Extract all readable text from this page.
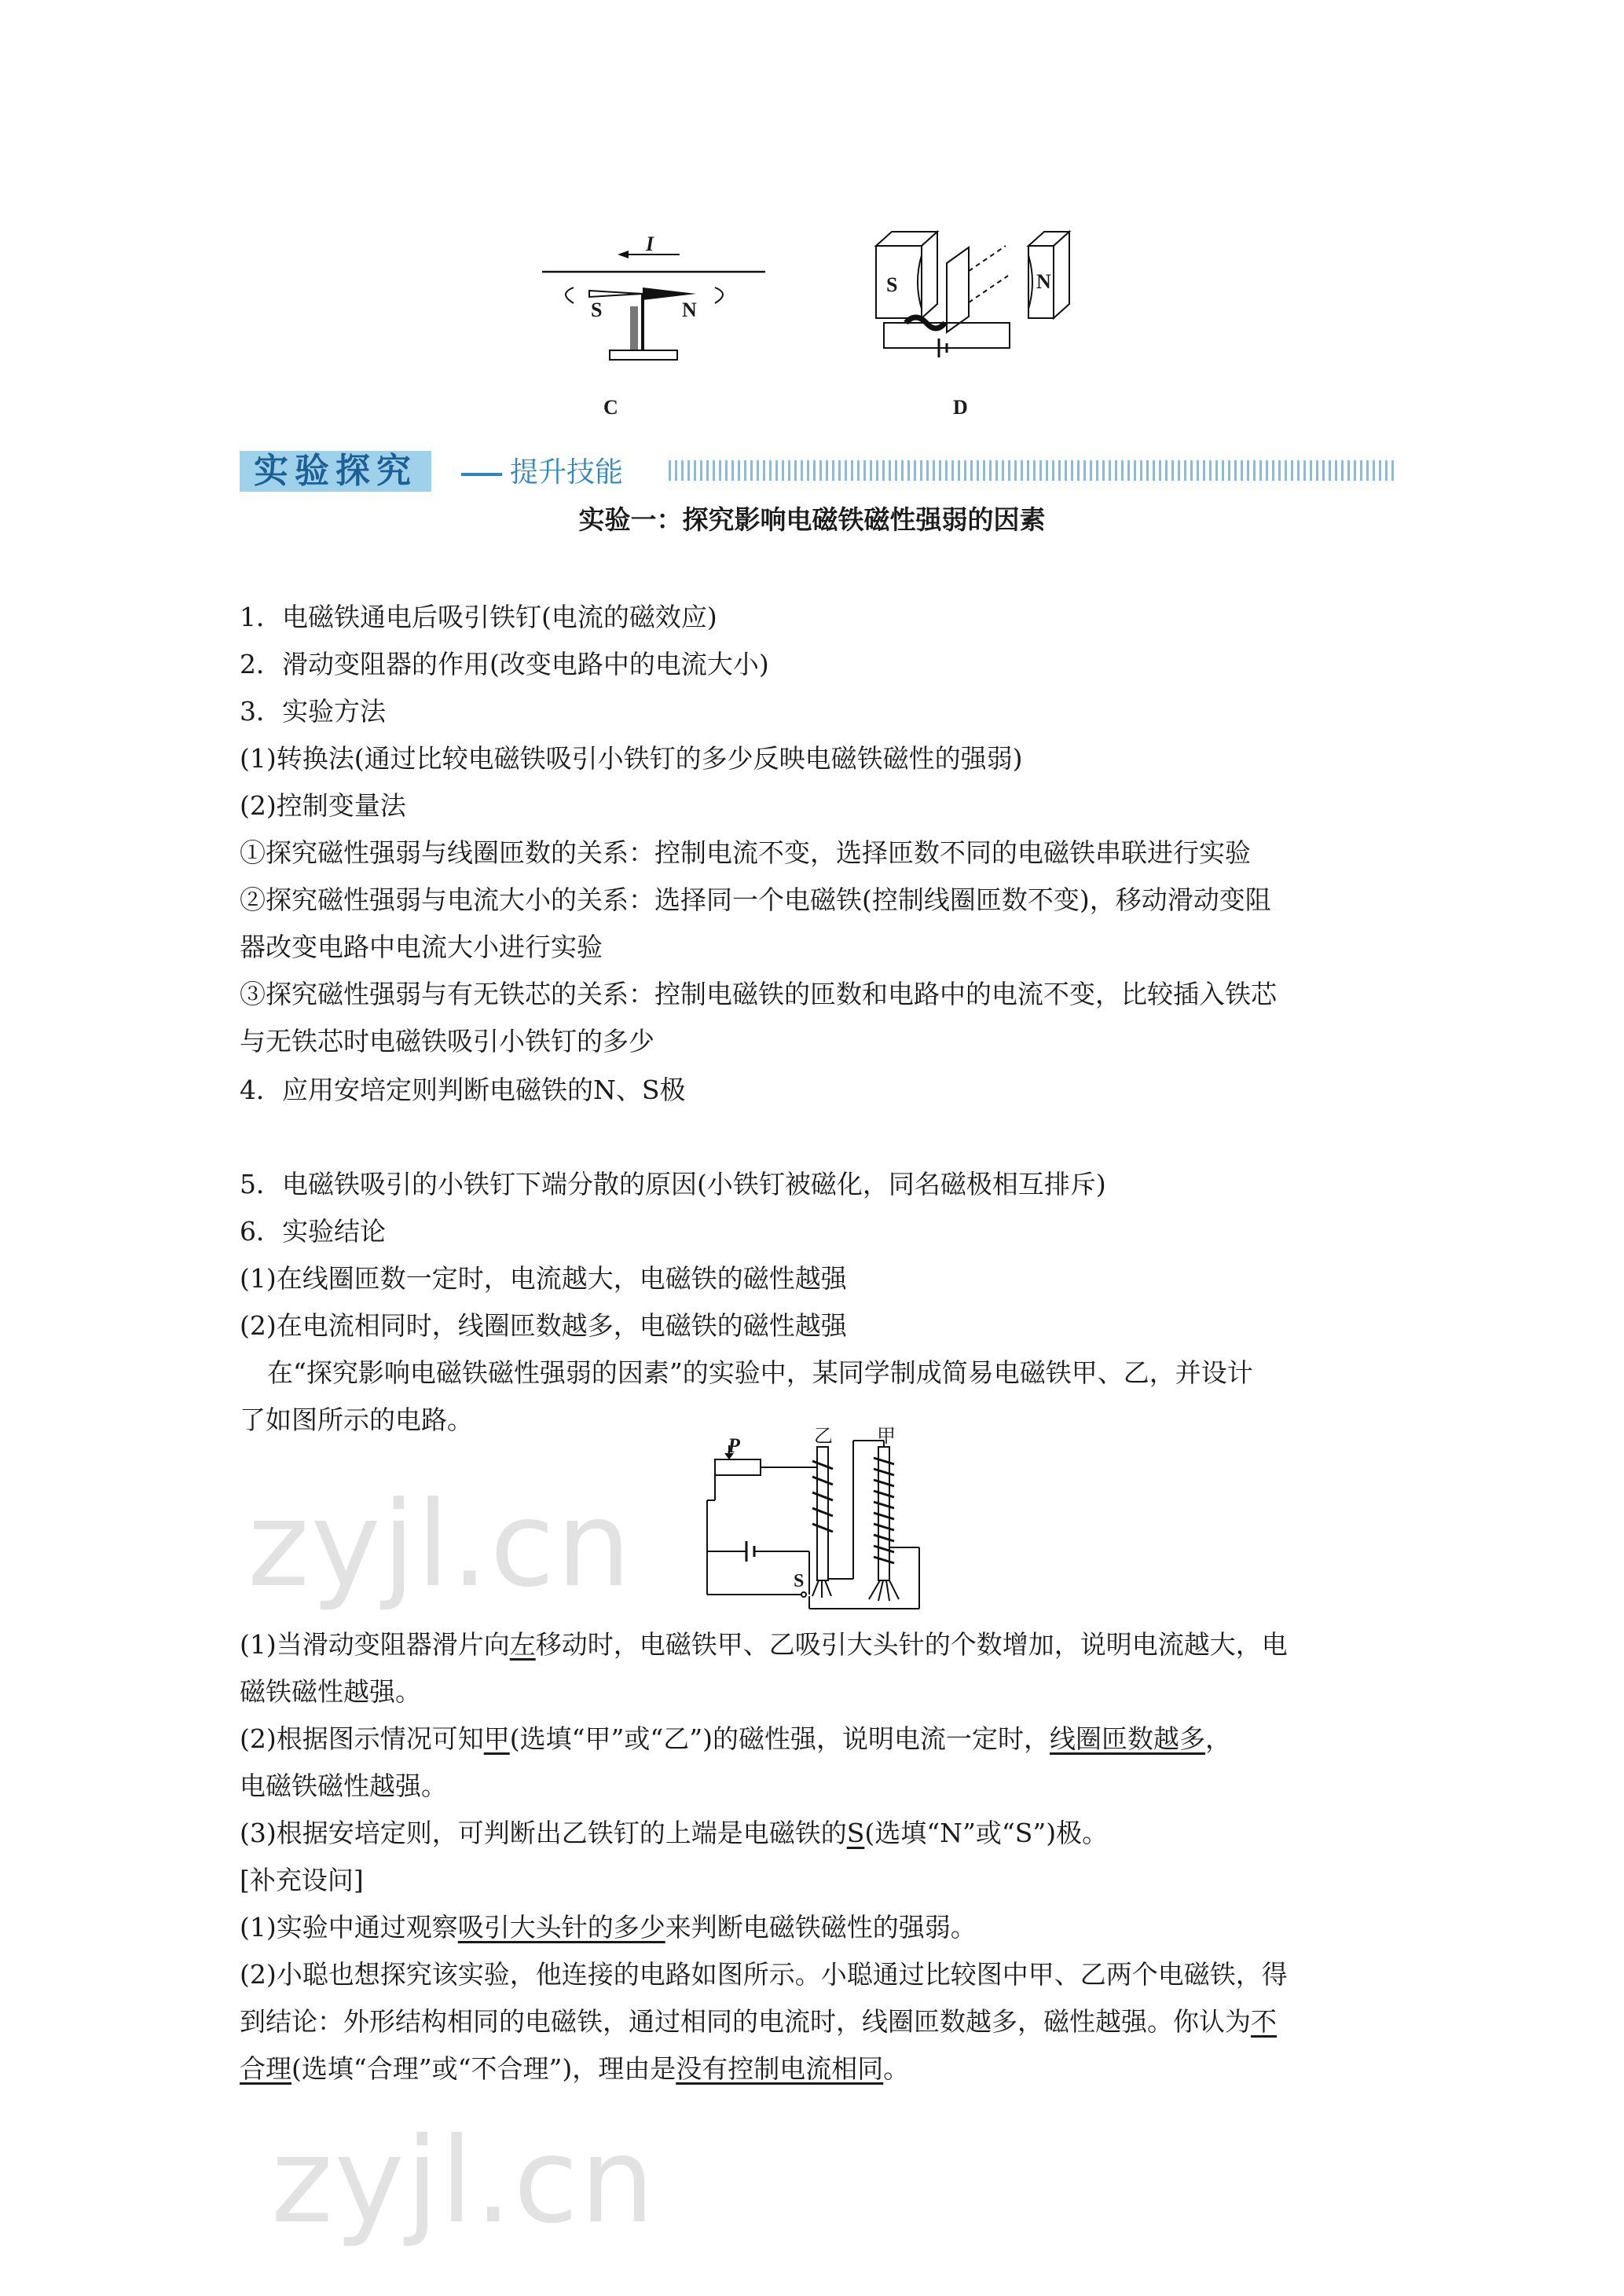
I
S	N
C
S	N
D
实验探究	提升技能
实验一：探究影响电磁铁磁性强弱的因素
1．电磁铁通电后吸引铁钉(电流的磁效应)
2．滑动变阻器的作用(改变电路中的电流大小)
3．实验方法
(1)转换法(通过比较电磁铁吸引小铁钉的多少反映电磁铁磁性的强弱)
(2)控制变量法
①探究磁性强弱与线圈匝数的关系：控制电流不变，选择匝数不同的电磁铁串联进行实验
②探究磁性强弱与电流大小的关系：选择同一个电磁铁(控制线圈匝数不变)，移动滑动变阻
器改变电路中电流大小进行实验
③探究磁性强弱与有无铁芯的关系：控制电磁铁的匝数和电路中的电流不变，比较插入铁芯
与无铁芯时电磁铁吸引小铁钉的多少
4．应用安培定则判断电磁铁的N、S极
5．电磁铁吸引的小铁钉下端分散的原因(小铁钉被磁化，同名磁极相互排斥)
6．实验结论
(1)在线圈匝数一定时，电流越大，电磁铁的磁性越强
(2)在电流相同时，线圈匝数越多，电磁铁的磁性越强
在“探究影响电磁铁磁性强弱的因素”的实验中，某同学制成简易电磁铁甲、乙，并设计
了如图所示的电路。
P	乙 甲
S
(1)当滑动变阻器滑片向左移动时，电磁铁甲、乙吸引大头针的个数增加，说明电流越大，电
磁铁磁性越强。
(2)根据图示情况可知甲(选填“甲”或“乙”)的磁性强，说明电流一定时，线圈匝数越多，
电磁铁磁性越强。
(3)根据安培定则，可判断出乙铁钉的上端是电磁铁的S(选填“N”或“S”)极。
[补充设问]
(1)实验中通过观察吸引大头针的多少来判断电磁铁磁性的强弱。
(2)小聪也想探究该实验，他连接的电路如图所示。小聪通过比较图中甲、乙两个电磁铁，得
到结论：外形结构相同的电磁铁，通过相同的电流时，线圈匝数越多，磁性越强。你认为不
合理(选填“合理”或“不合理”)，理由是没有控制电流相同。
zyjl.cn
zyjl.cn
